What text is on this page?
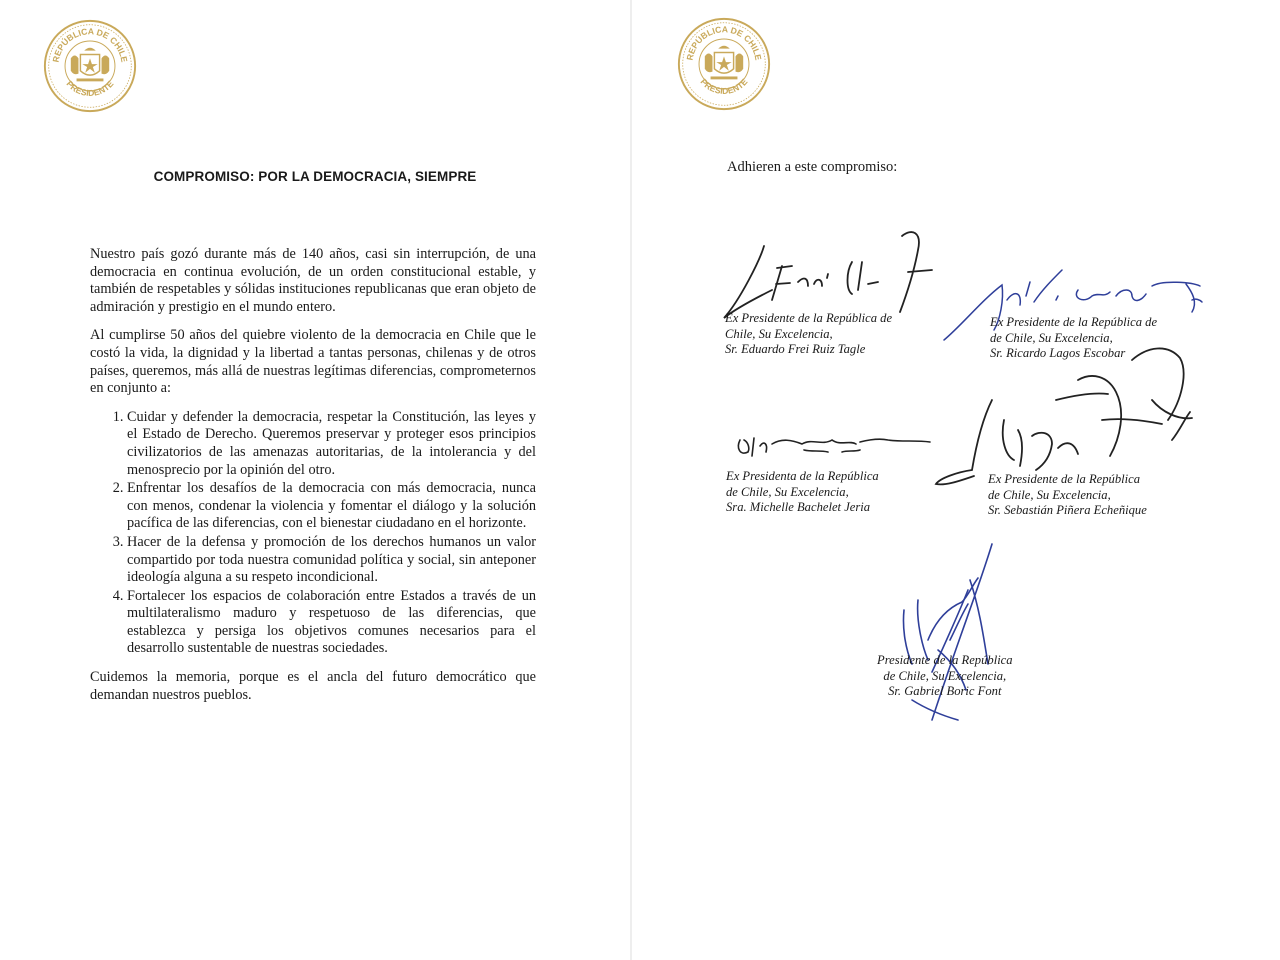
REPÚBLICA DE CHILE
PRESIDENTE
COMPROMISO: POR LA DEMOCRACIA, SIEMPRE

Nuestro país gozó durante más de 140 años, casi sin interrupción, de una democracia en continua evolución, de un orden constitucional estable, y también de respetables y sólidas instituciones republicanas que eran objeto de admiración y prestigio en el mundo entero.

Al cumplirse 50 años del quiebre violento de la democracia en Chile que le costó la vida, la dignidad y la libertad a tantas personas, chilenas y de otros países, queremos, más allá de nuestras legítimas diferencias, comprometernos en conjunto a:

1. Cuidar y defender la democracia, respetar la Constitución, las leyes y el Estado de Derecho. Queremos preservar y proteger esos principios civilizatorios de las amenazas autoritarias, de la intolerancia y del menosprecio por la opinión del otro.
2. Enfrentar los desafíos de la democracia con más democracia, nunca con menos, condenar la violencia y fomentar el diálogo y la solución pacífica de las diferencias, con el bienestar ciudadano en el horizonte.
3. Hacer de la defensa y promoción de los derechos humanos un valor compartido por toda nuestra comunidad política y social, sin anteponer ideología alguna a su respeto incondicional.
4. Fortalecer los espacios de colaboración entre Estados a través de un multilateralismo maduro y respetuoso de las diferencias, que establezca y persiga los objetivos comunes necesarios para el desarrollo sustentable de nuestras sociedades.

Cuidemos la memoria, porque es el ancla del futuro democrático que demandan nuestros pueblos.

REPÚBLICA DE CHILE
PRESIDENTE
Adhieren a este compromiso:
Ex Presidente de la República de
Chile, Su Excelencia,
Sr. Eduardo Frei Ruiz Tagle
Ex Presidente de la República de
de Chile, Su Excelencia,
Sr. Ricardo Lagos Escobar
Ex Presidenta de la República
de Chile, Su Excelencia,
Sra. Michelle Bachelet Jeria
Ex Presidente de la República
de Chile, Su Excelencia,
Sr. Sebastián Piñera Echeñique
Presidente de la República
de Chile, Su Excelencia,
Sr. Gabriel Boric Font
